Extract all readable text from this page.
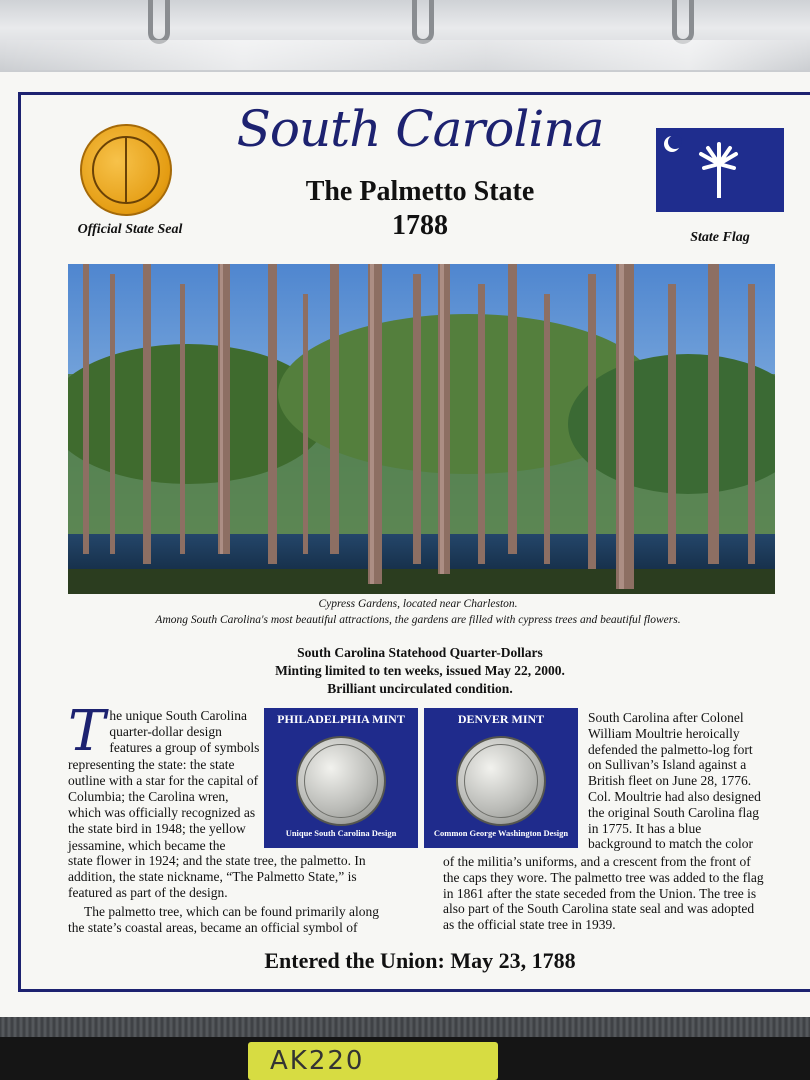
Official State Seal
South Carolina
The Palmetto State
1788	State Flag
Cypress Gardens, located near Charleston.
Among South Carolina's most beautiful attractions, the gardens are filled with cypress trees and beautiful flowers.
South Carolina Statehood Quarter-Dollars
Minting limited to ten weeks, issued May 22, 2000.
Brilliant uncirculated condition.
T he unique South Carolina quarter-dollar design features a group of symbols representing the state: the state outline with a star for the capital of Columbia; the Carolina wren, which was officially recognized as the state bird in 1948; the yellow jessamine, which became the
state flower in 1924; and the state tree, the palmetto. In addition, the state nickname, “The Palmetto State,” is featured as part of the design.
The palmetto tree, which can be found primarily along the state’s coastal areas, became an official symbol of
PHILADELPHIA MINT
Unique South Carolina Design
DENVER MINT
Common George Washington Design
South Carolina after Colonel William Moultrie heroically defended the palmetto-log fort on Sullivan’s Island against a British fleet on June 28, 1776. Col. Moultrie had also designed the original South Carolina flag in 1775. It has a blue background to match the color
of the militia’s uniforms, and a crescent from the front of the caps they wore. The palmetto tree was added to the flag in 1861 after the state seceded from the Union. The tree is also part of the South Carolina state seal and was adopted as the official state tree in 1939.
Entered the Union: May 23, 1788
AK220
